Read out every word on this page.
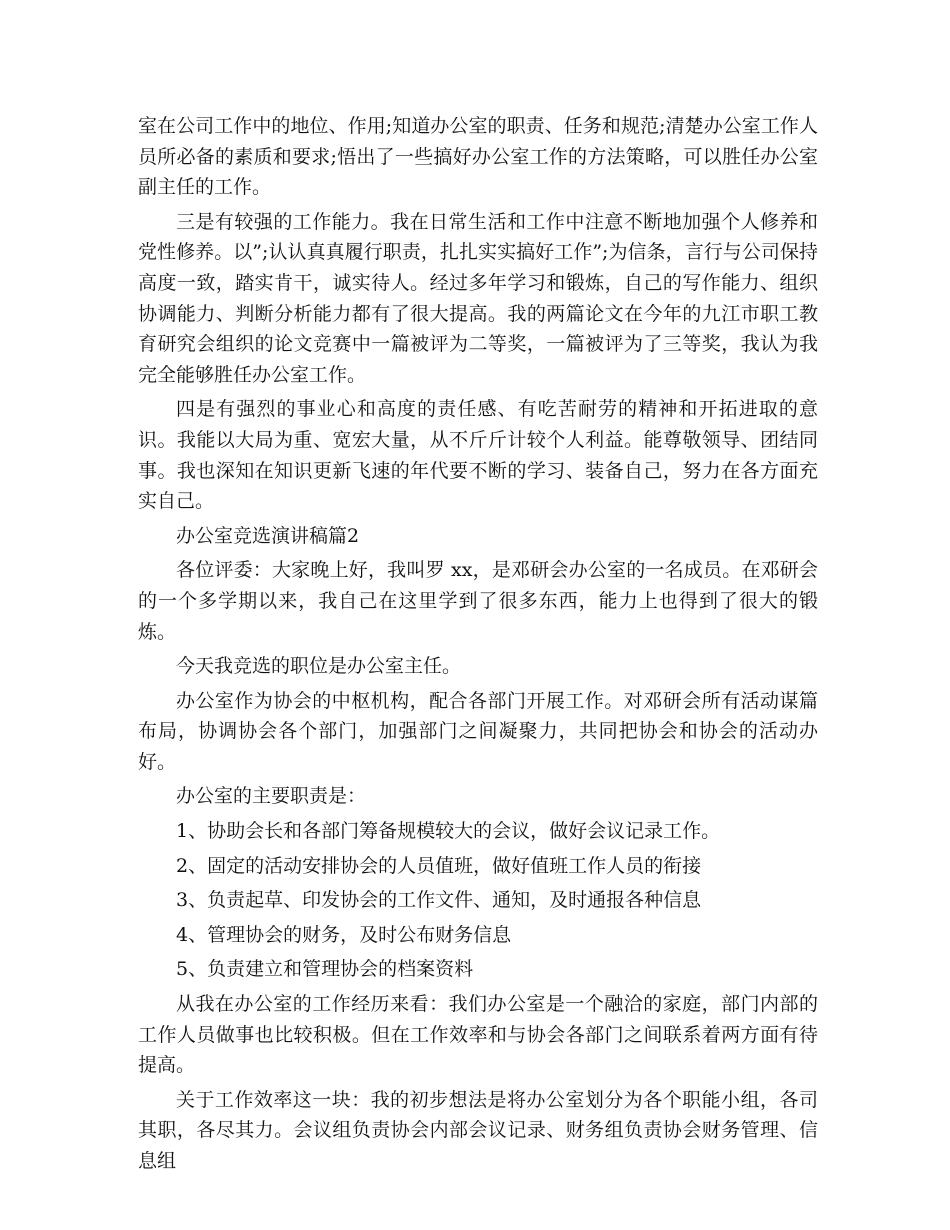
室在公司工作中的地位、作用;知道办公室的职责、任务和规范;清楚办公室工作人员所必备的素质和要求;悟出了一些搞好办公室工作的方法策略，可以胜任办公室副主任的工作。

三是有较强的工作能力。我在日常生活和工作中注意不断地加强个人修养和党性修养。以”;认认真真履行职责，扎扎实实搞好工作”;为信条，言行与公司保持高度一致，踏实肯干，诚实待人。经过多年学习和锻炼，自己的写作能力、组织协调能力、判断分析能力都有了很大提高。我的两篇论文在今年的九江市职工教育研究会组织的论文竞赛中一篇被评为二等奖，一篇被评为了三等奖，我认为我完全能够胜任办公室工作。

四是有强烈的事业心和高度的责任感、有吃苦耐劳的精神和开拓进取的意识。我能以大局为重、宽宏大量，从不斤斤计较个人利益。能尊敬领导、团结同事。我也深知在知识更新飞速的年代要不断的学习、装备自己，努力在各方面充实自己。

办公室竞选演讲稿篇2

各位评委：大家晚上好，我叫罗 xx，是邓研会办公室的一名成员。在邓研会的一个多学期以来，我自己在这里学到了很多东西，能力上也得到了很大的锻炼。

今天我竞选的职位是办公室主任。

办公室作为协会的中枢机构，配合各部门开展工作。对邓研会所有活动谋篇布局，协调协会各个部门，加强部门之间凝聚力，共同把协会和协会的活动办好。

办公室的主要职责是：

1、协助会长和各部门筹备规模较大的会议，做好会议记录工作。

2、固定的活动安排协会的人员值班，做好值班工作人员的衔接

3、负责起草、印发协会的工作文件、通知，及时通报各种信息

4、管理协会的财务，及时公布财务信息

5、负责建立和管理协会的档案资料

从我在办公室的工作经历来看：我们办公室是一个融洽的家庭，部门内部的工作人员做事也比较积极。但在工作效率和与协会各部门之间联系着两方面有待提高。

关于工作效率这一块：我的初步想法是将办公室划分为各个职能小组，各司其职，各尽其力。会议组负责协会内部会议记录、财务组负责协会财务管理、信息组
